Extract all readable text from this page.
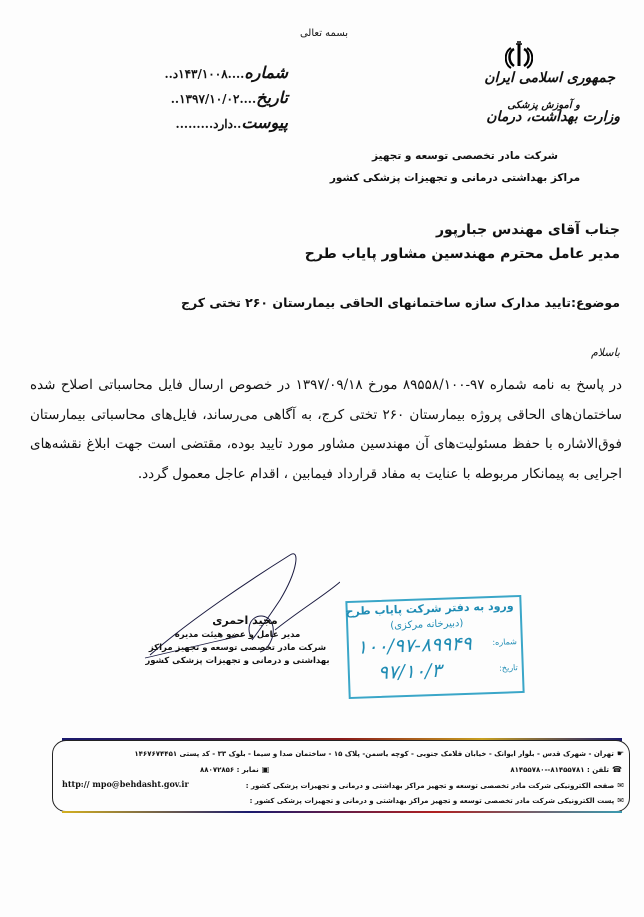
بسمه تعالی
جمهوری اسلامی ایران
و آموزش پزشکی
وزارت بهداشت، درمان
شماره....۱۴۳/۱۰۰۸د..
تاریخ....۱۳۹۷/۱۰/۰۲..
پیوست..دارد.........
شرکت مادر تخصصی توسعه و تجهیز
مراکز بهداشتی درمانی و تجهیزات پزشکی کشور
جناب آقای مهندس جبارپور
مدیر عامل محترم مهندسین مشاور پایاب طرح
موضوع:تایید مدارک سازه ساختمانهای الحاقی بیمارستان ۲۶۰ تختی کرج
باسلام

در پاسخ به نامه شماره ۹۷-۸۹۵۵۸/۱۰۰ مورخ ۱۳۹۷/۰۹/۱۸ در خصوص ارسال فایل محاسباتی اصلاح شده ساختمان‌های الحاقی پروژه بیمارستان ۲۶۰ تختی کرج، به آگاهی می‌رساند، فایل‌های محاسباتی بیمارستان فوق‌الاشاره با حفظ مسئولیت‌های آن مهندسین مشاور مورد تایید بوده، مقتضی است جهت ابلاغ نقشه‌های اجرایی به پیمانکار مربوطه با عنایت به مفاد قرارداد فیمابین ، اقدام عاجل معمول گردد.

مجید احمری
مدیر عامل و عضو هیئت مدیره
شرکت مادر تخصصی توسعه و تجهیز مراکز
بهداشتی و درمانی و تجهیزات پزشکی کشور
ورود به دفتر شرکت پایاب طرح
(دبیرخانه مرکزی)
شماره:
۱۰۰/۹۷-۸۹۹۴۹
تاریخ:
۹۷/۱۰/۳
☛تهران - شهرک قدس - بلوار ایوانک - خیابان فلامک جنوبی - کوچه یاسمن- پلاک ۱۵ - ساختمان صدا و سیما - بلوک ۳۳ - کد پستی ۱۴۶۷۶۷۴۴۵۱
☎تلفن : ۸۱۴۵۵۷۸۱--۸۱۴۵۵۷۸۰
▣نمابر : ۸۸۰۷۲۸۵۶
✉صفحه الکترونیکی شرکت مادر تخصصی توسعه و تجهیز مراکز بهداشتی و درمانی و تجهیزات پزشکی کشور :
http:// mpo@behdasht.gov.ir
✉پست الکترونیکی شرکت مادر تخصصی توسعه و تجهیز مراکز بهداشتی و درمانی و تجهیزات پزشکی کشور :
